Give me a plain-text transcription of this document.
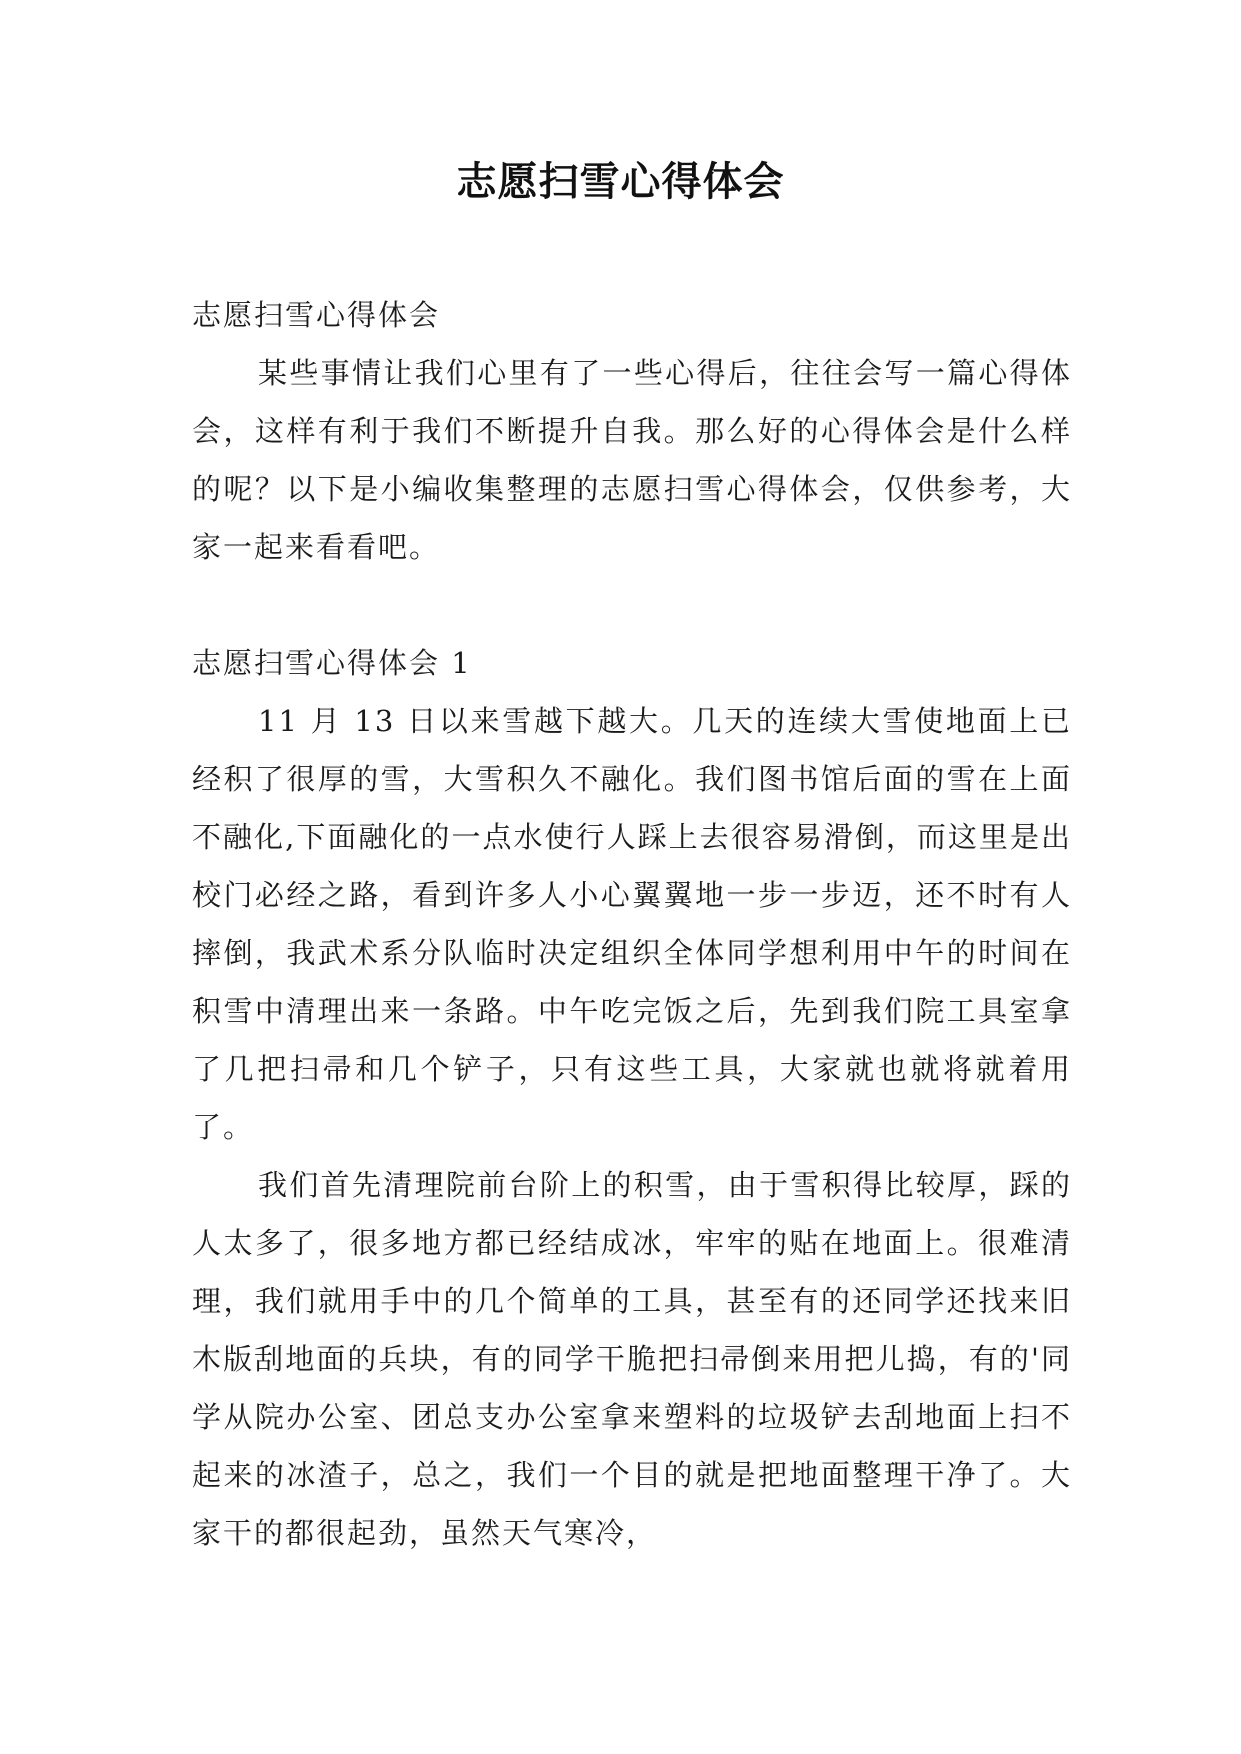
志愿扫雪心得体会

志愿扫雪心得体会

某些事情让我们心里有了一些心得后，往往会写一篇心得体会，这样有利于我们不断提升自我。那么好的心得体会是什么样的呢？以下是小编收集整理的志愿扫雪心得体会，仅供参考，大家一起来看看吧。

志愿扫雪心得体会 1

11 月 13 日以来雪越下越大。几天的连续大雪使地面上已经积了很厚的雪，大雪积久不融化。我们图书馆后面的雪在上面不融化,下面融化的一点水使行人踩上去很容易滑倒，而这里是出校门必经之路，看到许多人小心翼翼地一步一步迈，还不时有人摔倒，我武术系分队临时决定组织全体同学想利用中午的时间在积雪中清理出来一条路。中午吃完饭之后，先到我们院工具室拿了几把扫帚和几个铲子，只有这些工具，大家就也就将就着用了。

我们首先清理院前台阶上的积雪，由于雪积得比较厚，踩的人太多了，很多地方都已经结成冰，牢牢的贴在地面上。很难清理，我们就用手中的几个简单的工具，甚至有的还同学还找来旧木版刮地面的兵块，有的同学干脆把扫帚倒来用把儿捣，有的'同学从院办公室、团总支办公室拿来塑料的垃圾铲去刮地面上扫不起来的冰渣子，总之，我们一个目的就是把地面整理干净了。大家干的都很起劲，虽然天气寒冷，
